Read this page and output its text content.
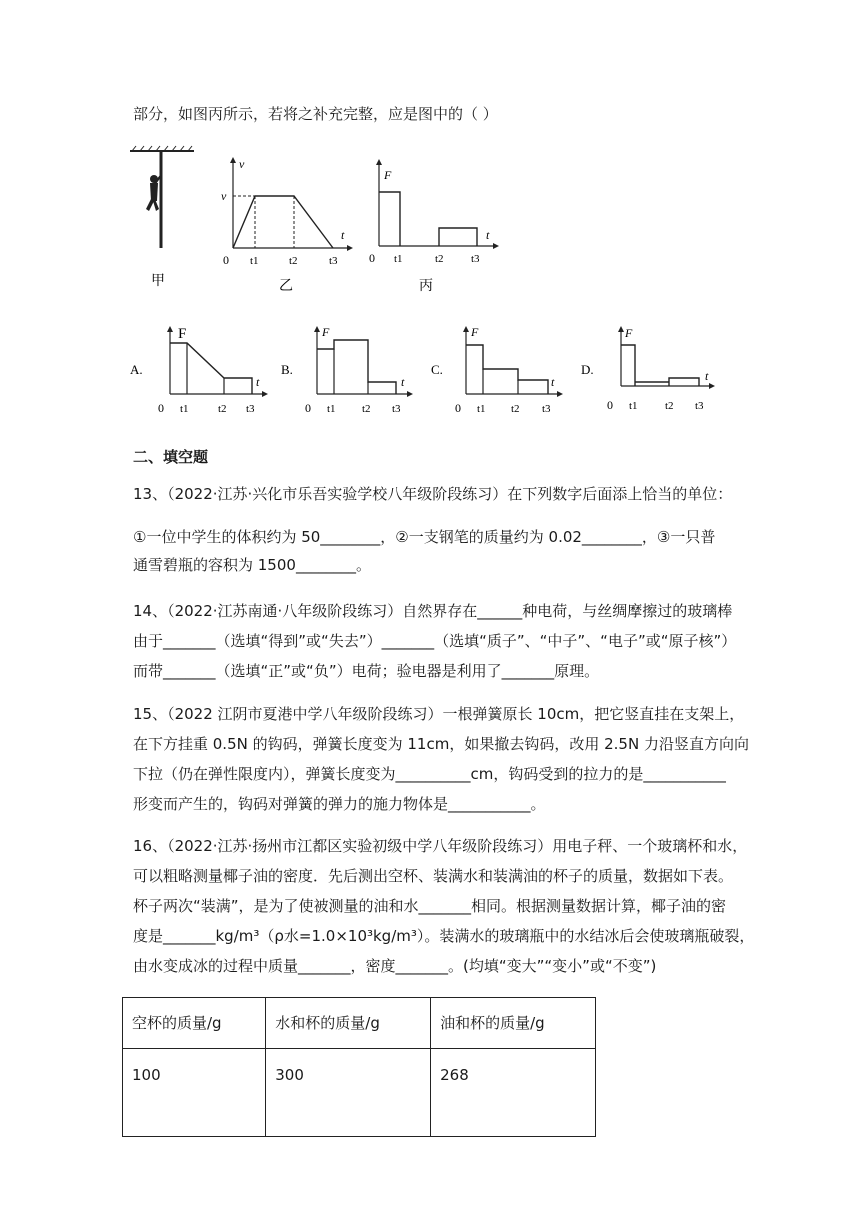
部分，如图丙所示，若将之补充完整，应是图中的（ ）

甲
v
v
t
0 t1	t2	t3
乙
F
t
0 t1	t2 t3
丙
A.
F
t
0 t1	t2 t3
B.
F
t
0 t1 t2 t3
C.
F
t
0 t1 t2 t3
D.
F
t
0 t1 t2 t3

二、填空题

13、（2022·江苏·兴化市乐吾实验学校八年级阶段练习）在下列数字后面添上恰当的单位：

①一位中学生的体积约为 50________，②一支钢笔的质量约为 0.02________，③一只普

通雪碧瓶的容积为 1500________。

14、（2022·江苏南通·八年级阶段练习）自然界存在______种电荷，与丝绸摩擦过的玻璃棒

由于_______（选填“得到”或“失去”）_______（选填“质子”、“中子”、“电子”或“原子核”）

而带_______（选填“正”或“负”）电荷；验电器是利用了_______原理。

15、（2022 江阴市夏港中学八年级阶段练习）一根弹簧原长 10cm，把它竖直挂在支架上，

在下方挂重 0.5N 的钩码，弹簧长度变为 11cm，如果撤去钩码，改用 2.5N 力沿竖直方向向

下拉（仍在弹性限度内），弹簧长度变为__________cm，钩码受到的拉力的是___________

形变而产生的，钩码对弹簧的弹力的施力物体是___________。

16、（2022·江苏·扬州市江都区实验初级中学八年级阶段练习）用电子秤、一个玻璃杯和水，

可以粗略测量椰子油的密度．先后测出空杯、装满水和装满油的杯子的质量，数据如下表。

杯子两次“装满”，是为了使被测量的油和水_______相同。根据测量数据计算，椰子油的密

度是_______kg/m³（ρ水=1.0×10³kg/m³）。装满水的玻璃瓶中的水结冰后会使玻璃瓶破裂，

由水变成冰的过程中质量_______，密度_______。(均填“变大”“变小”或“不变”)

空杯的质量/g	水和杯的质量/g	油和杯的质量/g
100	300	268
